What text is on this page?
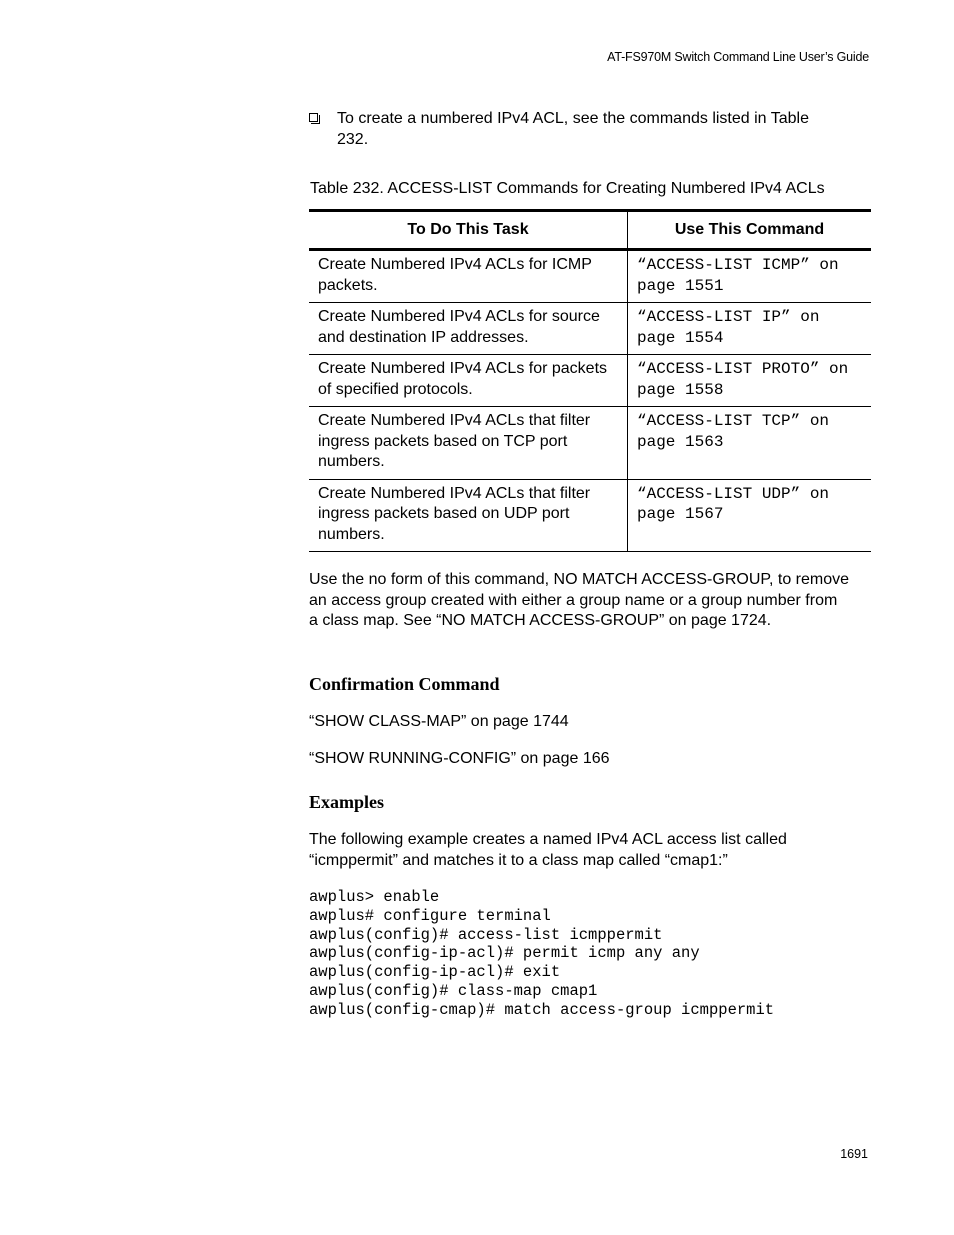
AT-FS970M Switch Command Line User’s Guide
To create a numbered IPv4 ACL, see the commands listed in Table 232.
Table 232. ACCESS-LIST Commands for Creating Numbered IPv4 ACLs
To Do This Task	Use This Command
Create Numbered IPv4 ACLs for ICMP packets.	“ACCESS-LIST ICMP” on page 1551
Create Numbered IPv4 ACLs for source and destination IP addresses.	“ACCESS-LIST IP” on page 1554
Create Numbered IPv4 ACLs for packets of specified protocols.	“ACCESS-LIST PROTO” on page 1558
Create Numbered IPv4 ACLs that filter ingress packets based on TCP port numbers.	“ACCESS-LIST TCP” on page 1563
Create Numbered IPv4 ACLs that filter ingress packets based on UDP port numbers.	“ACCESS-LIST UDP” on page 1567
Use the no form of this command, NO MATCH ACCESS-GROUP, to remove an access group created with either a group name or a group number from a class map. See “NO MATCH ACCESS-GROUP” on page 1724.
Confirmation Command
“SHOW CLASS-MAP” on page 1744
“SHOW RUNNING-CONFIG” on page 166
Examples
The following example creates a named IPv4 ACL access list called “icmppermit” and matches it to a class map called “cmap1:”
awplus> enable
awplus# configure terminal
awplus(config)# access-list icmppermit
awplus(config-ip-acl)# permit icmp any any
awplus(config-ip-acl)# exit
awplus(config)# class-map cmap1
awplus(config-cmap)# match access-group icmppermit
1691
